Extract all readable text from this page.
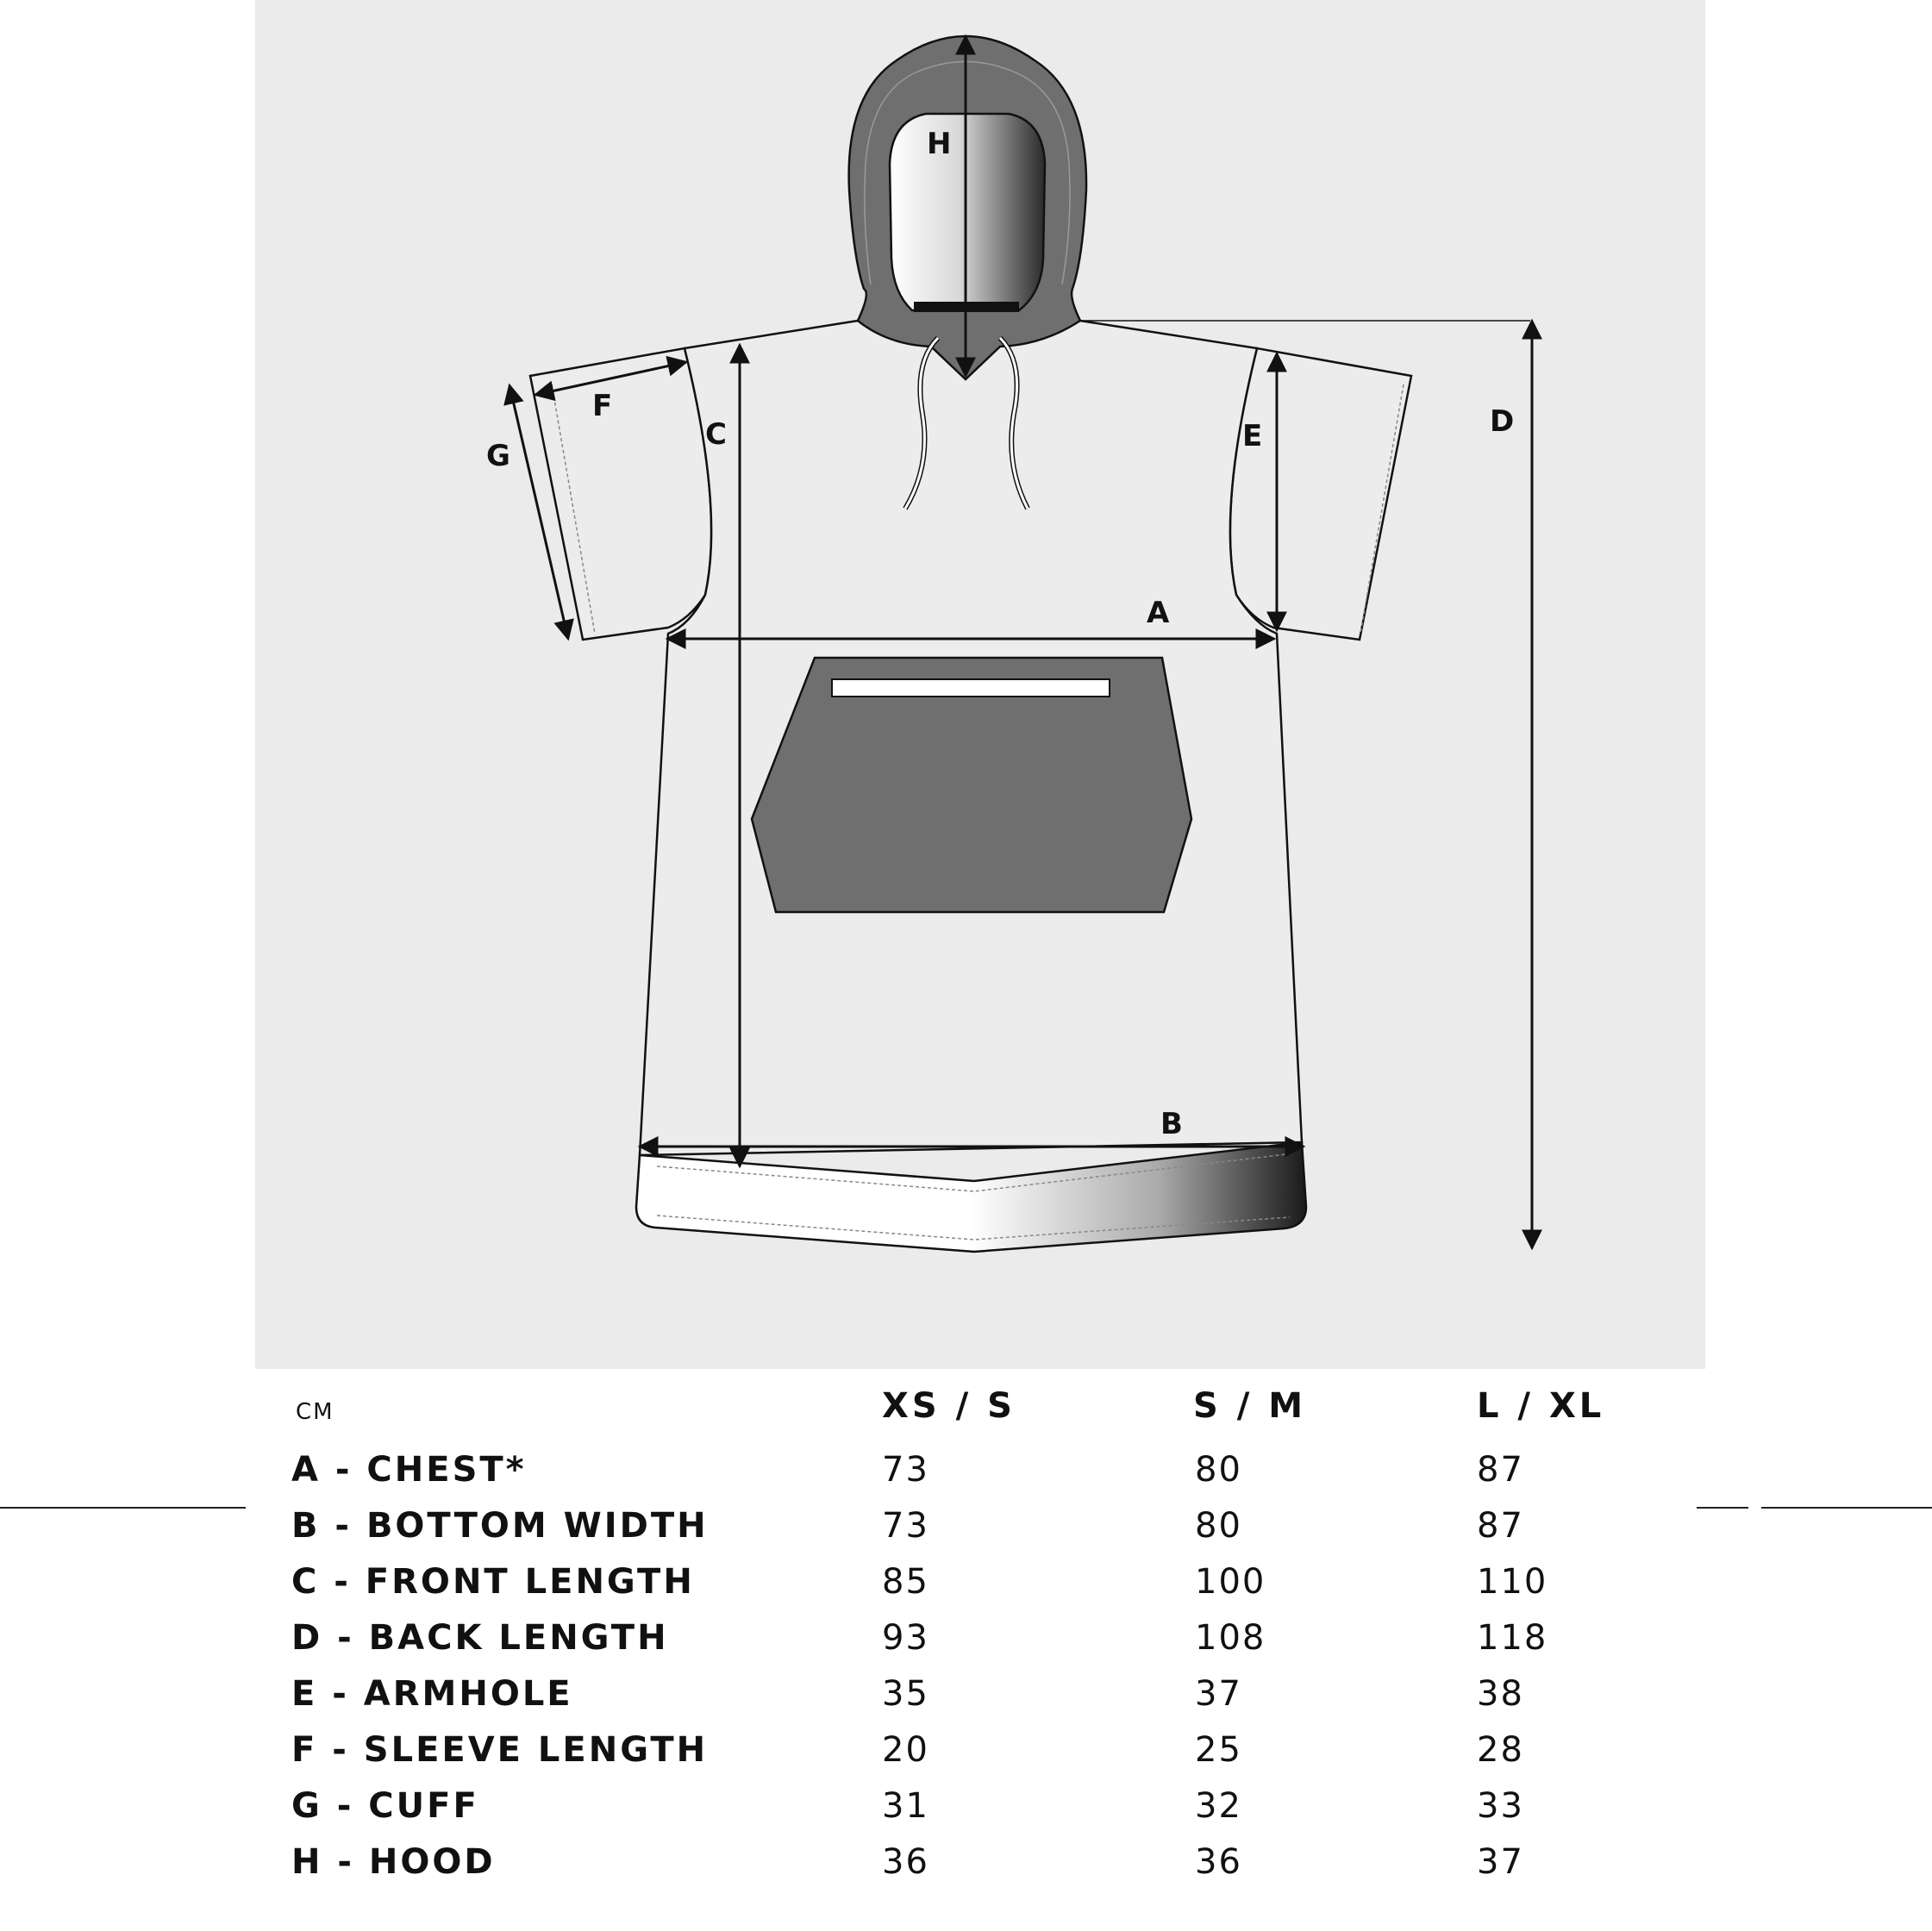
A
B
C	D
E
F
G
H
CM	XS / S	S / M	L / XL
A - CHEST*	73	80	87
B - BOTTOM WIDTH	73	80	87
C - FRONT LENGTH	85	100	110
D - BACK LENGTH	93	108	118
E - ARMHOLE	35	37	38
F - SLEEVE LENGTH	20	25	28
G - CUFF	31	32	33
H - HOOD	36	36	37
